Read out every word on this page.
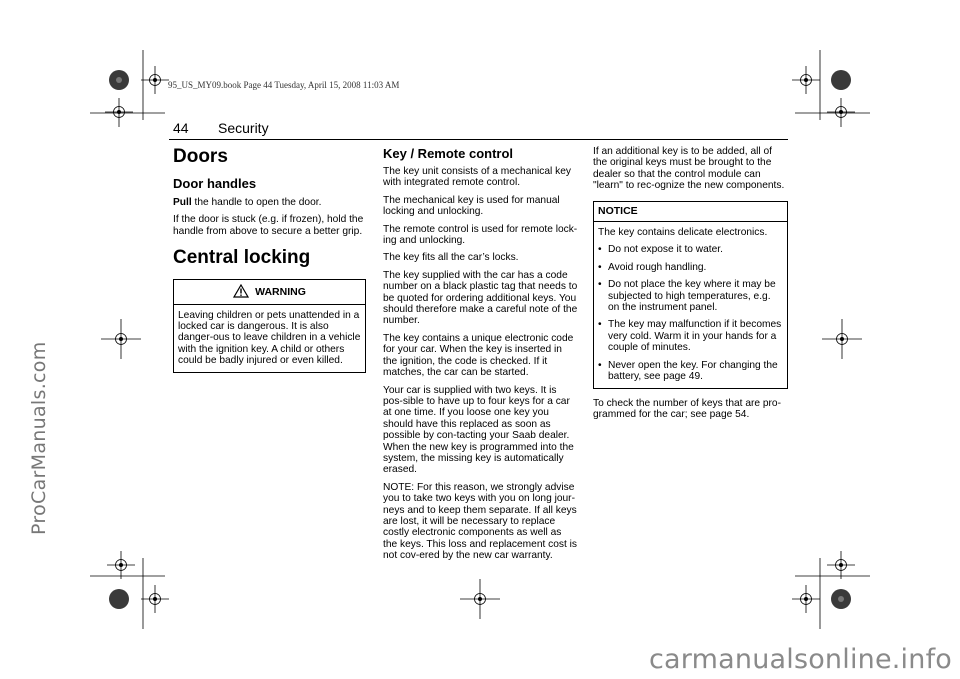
ProCarManuals.com
carmanualsonline.info
95_US_MY09.book Page 44 Tuesday, April 15, 2008 11:03 AM
44 Security
Doors
Door handles

Pull the handle to open the door.

If the door is stuck (e.g. if frozen), hold the handle from above to secure a better grip.

Central locking
WARNING
Leaving children or pets unattended in a locked car is dangerous. It is also danger-ous to leave children in a vehicle with the ignition key. A child or others could be badly injured or even killed.
Key / Remote control

The key unit consists of a mechanical key with integrated remote control.

The mechanical key is used for manual locking and unlocking.

The remote control is used for remote lock-ing and unlocking.

The key fits all the car’s locks.

The key supplied with the car has a code number on a black plastic tag that needs to be quoted for ordering additional keys. You should therefore make a careful note of the number.

The key contains a unique electronic code for your car. When the key is inserted in the ignition, the code is checked. If it matches, the car can be started.

Your car is supplied with two keys. It is pos-sible to have up to four keys for a car at one time. If you loose one key you should have this replaced as soon as possible by con-tacting your Saab dealer. When the new key is programmed into the system, the missing key is automatically erased.

NOTE: For this reason, we strongly advise you to take two keys with you on long jour-neys and to keep them separate. If all keys are lost, it will be necessary to replace costly electronic components as well as the keys. This loss and replacement cost is not cov-ered by the new car warranty.

If an additional key is to be added, all of the original keys must be brought to the dealer so that the control module can "learn" to rec-ognize the new components.

NOTICE

The key contains delicate electronics.

• Do not expose it to water.
• Avoid rough handling.
• Do not place the key where it may be subjected to high temperatures, e.g. on the instrument panel.
• The key may malfunction if it becomes very cold. Warm it in your hands for a couple of minutes.
• Never open the key. For changing the battery, see page 49.

To check the number of keys that are pro-grammed for the car; see page 54.
